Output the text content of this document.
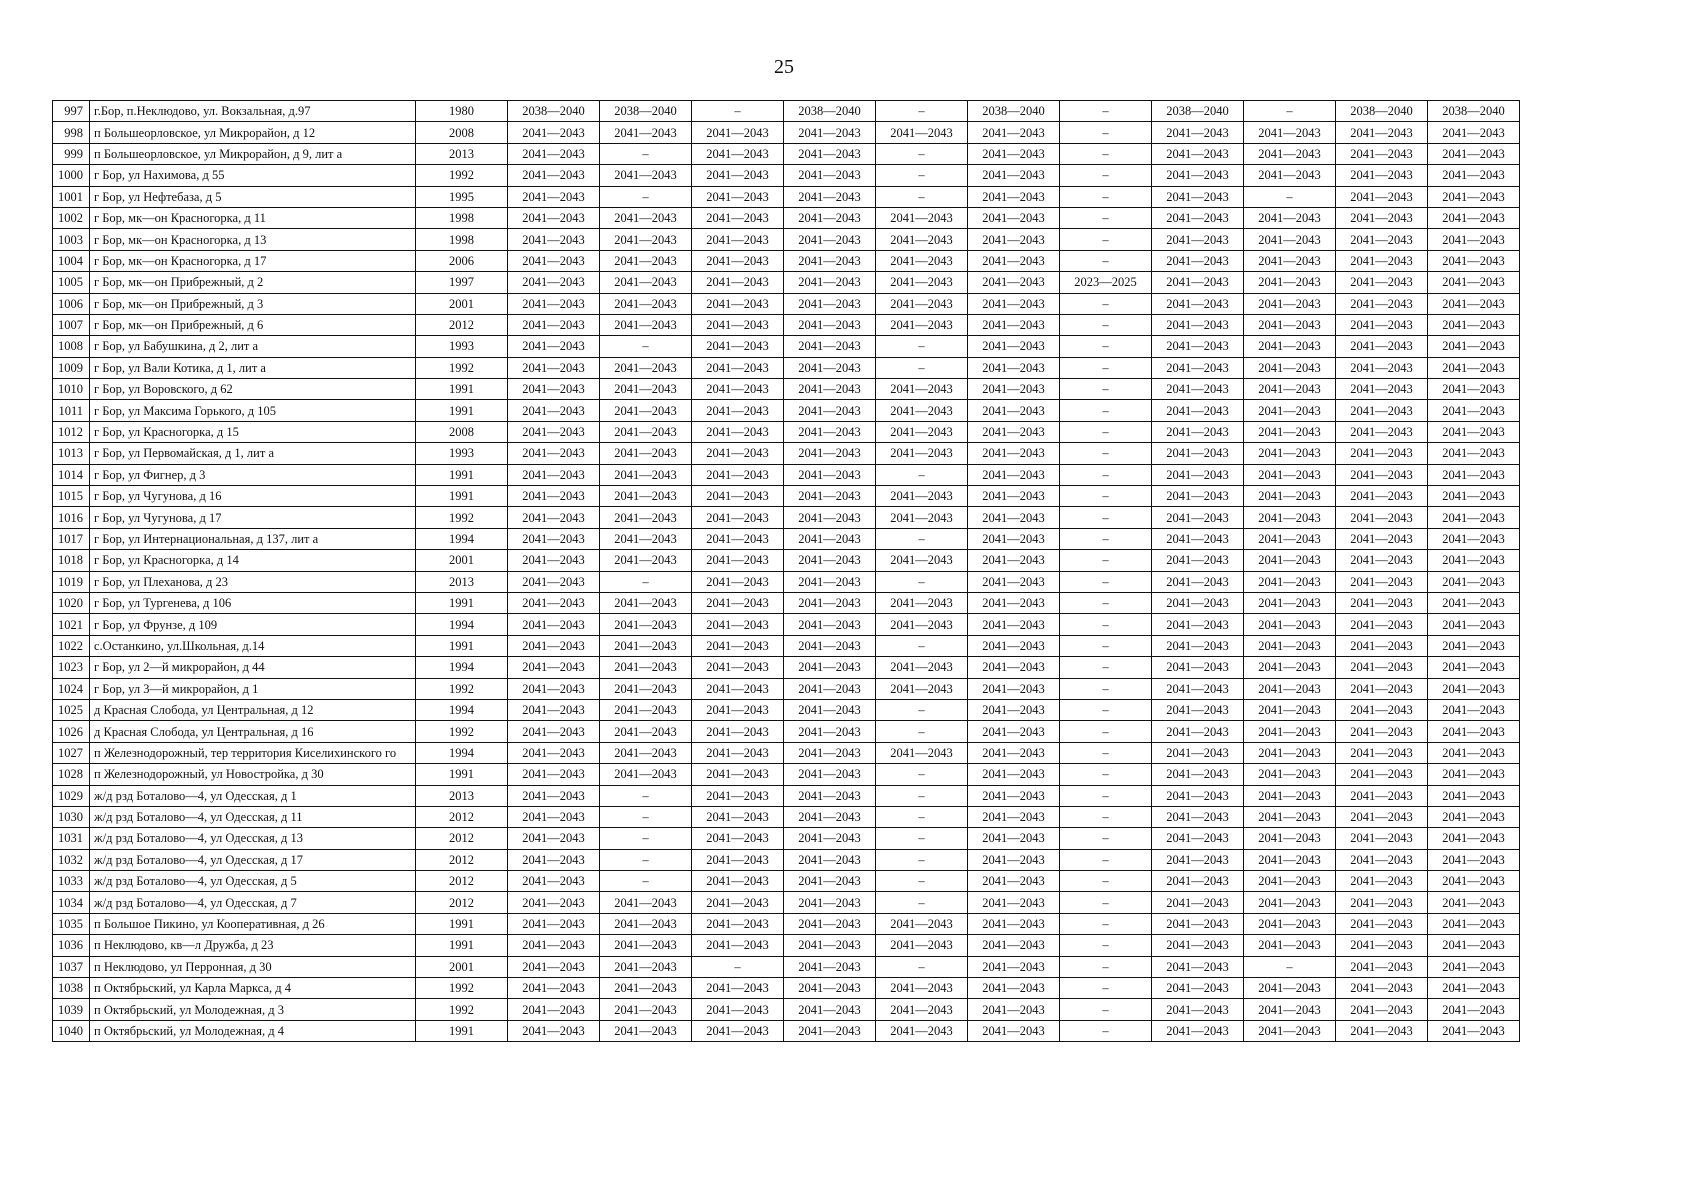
25
997	г.Бор, п.Неклюдово, ул. Вокзальная, д.97	1980	2038—2040	2038—2040	–	2038—2040	–	2038—2040	–	2038—2040	–	2038—2040	2038—2040
998	п Большеорловское, ул Микрорайон, д 12	2008	2041—2043	2041—2043	2041—2043	2041—2043	2041—2043	2041—2043	–	2041—2043	2041—2043	2041—2043	2041—2043
999	п Большеорловское, ул Микрорайон, д 9, лит а	2013	2041—2043	–	2041—2043	2041—2043	–	2041—2043	–	2041—2043	2041—2043	2041—2043	2041—2043
1000	г Бор, ул Нахимова, д 55	1992	2041—2043	2041—2043	2041—2043	2041—2043	–	2041—2043	–	2041—2043	2041—2043	2041—2043	2041—2043
1001	г Бор, ул Нефтебаза, д 5	1995	2041—2043	–	2041—2043	2041—2043	–	2041—2043	–	2041—2043	–	2041—2043	2041—2043
1002	г Бор, мк—он Красногорка, д 11	1998	2041—2043	2041—2043	2041—2043	2041—2043	2041—2043	2041—2043	–	2041—2043	2041—2043	2041—2043	2041—2043
1003	г Бор, мк—он Красногорка, д 13	1998	2041—2043	2041—2043	2041—2043	2041—2043	2041—2043	2041—2043	–	2041—2043	2041—2043	2041—2043	2041—2043
1004	г Бор, мк—он Красногорка, д 17	2006	2041—2043	2041—2043	2041—2043	2041—2043	2041—2043	2041—2043	–	2041—2043	2041—2043	2041—2043	2041—2043
1005	г Бор, мк—он Прибрежный, д 2	1997	2041—2043	2041—2043	2041—2043	2041—2043	2041—2043	2041—2043	2023—2025	2041—2043	2041—2043	2041—2043	2041—2043
1006	г Бор, мк—он Прибрежный, д 3	2001	2041—2043	2041—2043	2041—2043	2041—2043	2041—2043	2041—2043	–	2041—2043	2041—2043	2041—2043	2041—2043
1007	г Бор, мк—он Прибрежный, д 6	2012	2041—2043	2041—2043	2041—2043	2041—2043	2041—2043	2041—2043	–	2041—2043	2041—2043	2041—2043	2041—2043
1008	г Бор, ул Бабушкина, д 2, лит а	1993	2041—2043	–	2041—2043	2041—2043	–	2041—2043	–	2041—2043	2041—2043	2041—2043	2041—2043
1009	г Бор, ул Вали Котика, д 1, лит а	1992	2041—2043	2041—2043	2041—2043	2041—2043	–	2041—2043	–	2041—2043	2041—2043	2041—2043	2041—2043
1010	г Бор, ул Воровского, д 62	1991	2041—2043	2041—2043	2041—2043	2041—2043	2041—2043	2041—2043	–	2041—2043	2041—2043	2041—2043	2041—2043
1011	г Бор, ул Максима Горького, д 105	1991	2041—2043	2041—2043	2041—2043	2041—2043	2041—2043	2041—2043	–	2041—2043	2041—2043	2041—2043	2041—2043
1012	г Бор, ул Красногорка, д 15	2008	2041—2043	2041—2043	2041—2043	2041—2043	2041—2043	2041—2043	–	2041—2043	2041—2043	2041—2043	2041—2043
1013	г Бор, ул Первомайская, д 1, лит а	1993	2041—2043	2041—2043	2041—2043	2041—2043	2041—2043	2041—2043	–	2041—2043	2041—2043	2041—2043	2041—2043
1014	г Бор, ул Фигнер, д 3	1991	2041—2043	2041—2043	2041—2043	2041—2043	–	2041—2043	–	2041—2043	2041—2043	2041—2043	2041—2043
1015	г Бор, ул Чугунова, д 16	1991	2041—2043	2041—2043	2041—2043	2041—2043	2041—2043	2041—2043	–	2041—2043	2041—2043	2041—2043	2041—2043
1016	г Бор, ул Чугунова, д 17	1992	2041—2043	2041—2043	2041—2043	2041—2043	2041—2043	2041—2043	–	2041—2043	2041—2043	2041—2043	2041—2043
1017	г Бор, ул Интернациональная, д 137, лит а	1994	2041—2043	2041—2043	2041—2043	2041—2043	–	2041—2043	–	2041—2043	2041—2043	2041—2043	2041—2043
1018	г Бор, ул Красногорка, д 14	2001	2041—2043	2041—2043	2041—2043	2041—2043	2041—2043	2041—2043	–	2041—2043	2041—2043	2041—2043	2041—2043
1019	г Бор, ул Плеханова, д 23	2013	2041—2043	–	2041—2043	2041—2043	–	2041—2043	–	2041—2043	2041—2043	2041—2043	2041—2043
1020	г Бор, ул Тургенева, д 106	1991	2041—2043	2041—2043	2041—2043	2041—2043	2041—2043	2041—2043	–	2041—2043	2041—2043	2041—2043	2041—2043
1021	г Бор, ул Фрунзе, д 109	1994	2041—2043	2041—2043	2041—2043	2041—2043	2041—2043	2041—2043	–	2041—2043	2041—2043	2041—2043	2041—2043
1022	с.Останкино, ул.Школьная, д.14	1991	2041—2043	2041—2043	2041—2043	2041—2043	–	2041—2043	–	2041—2043	2041—2043	2041—2043	2041—2043
1023	г Бор, ул 2—й микрорайон, д 44	1994	2041—2043	2041—2043	2041—2043	2041—2043	2041—2043	2041—2043	–	2041—2043	2041—2043	2041—2043	2041—2043
1024	г Бор, ул 3—й микрорайон, д 1	1992	2041—2043	2041—2043	2041—2043	2041—2043	2041—2043	2041—2043	–	2041—2043	2041—2043	2041—2043	2041—2043
1025	д Красная Слобода, ул Центральная, д 12	1994	2041—2043	2041—2043	2041—2043	2041—2043	–	2041—2043	–	2041—2043	2041—2043	2041—2043	2041—2043
1026	д Красная Слобода, ул Центральная, д 16	1992	2041—2043	2041—2043	2041—2043	2041—2043	–	2041—2043	–	2041—2043	2041—2043	2041—2043	2041—2043
1027	п Железнодорожный, тер территория Киселихинского го	1994	2041—2043	2041—2043	2041—2043	2041—2043	2041—2043	2041—2043	–	2041—2043	2041—2043	2041—2043	2041—2043
1028	п Железнодорожный, ул Новостройка, д 30	1991	2041—2043	2041—2043	2041—2043	2041—2043	–	2041—2043	–	2041—2043	2041—2043	2041—2043	2041—2043
1029	ж/д рзд Боталово—4, ул Одесская, д 1	2013	2041—2043	–	2041—2043	2041—2043	–	2041—2043	–	2041—2043	2041—2043	2041—2043	2041—2043
1030	ж/д рзд Боталово—4, ул Одесская, д 11	2012	2041—2043	–	2041—2043	2041—2043	–	2041—2043	–	2041—2043	2041—2043	2041—2043	2041—2043
1031	ж/д рзд Боталово—4, ул Одесская, д 13	2012	2041—2043	–	2041—2043	2041—2043	–	2041—2043	–	2041—2043	2041—2043	2041—2043	2041—2043
1032	ж/д рзд Боталово—4, ул Одесская, д 17	2012	2041—2043	–	2041—2043	2041—2043	–	2041—2043	–	2041—2043	2041—2043	2041—2043	2041—2043
1033	ж/д рзд Боталово—4, ул Одесская, д 5	2012	2041—2043	–	2041—2043	2041—2043	–	2041—2043	–	2041—2043	2041—2043	2041—2043	2041—2043
1034	ж/д рзд Боталово—4, ул Одесская, д 7	2012	2041—2043	2041—2043	2041—2043	2041—2043	–	2041—2043	–	2041—2043	2041—2043	2041—2043	2041—2043
1035	п Большое Пикино, ул Кооперативная, д 26	1991	2041—2043	2041—2043	2041—2043	2041—2043	2041—2043	2041—2043	–	2041—2043	2041—2043	2041—2043	2041—2043
1036	п Неклюдово, кв—л Дружба, д 23	1991	2041—2043	2041—2043	2041—2043	2041—2043	2041—2043	2041—2043	–	2041—2043	2041—2043	2041—2043	2041—2043
1037	п Неклюдово, ул Перронная, д 30	2001	2041—2043	2041—2043	–	2041—2043	–	2041—2043	–	2041—2043	–	2041—2043	2041—2043
1038	п Октябрьский, ул Карла Маркса, д 4	1992	2041—2043	2041—2043	2041—2043	2041—2043	2041—2043	2041—2043	–	2041—2043	2041—2043	2041—2043	2041—2043
1039	п Октябрьский, ул Молодежная, д 3	1992	2041—2043	2041—2043	2041—2043	2041—2043	2041—2043	2041—2043	–	2041—2043	2041—2043	2041—2043	2041—2043
1040	п Октябрьский, ул Молодежная, д 4	1991	2041—2043	2041—2043	2041—2043	2041—2043	2041—2043	2041—2043	–	2041—2043	2041—2043	2041—2043	2041—2043
